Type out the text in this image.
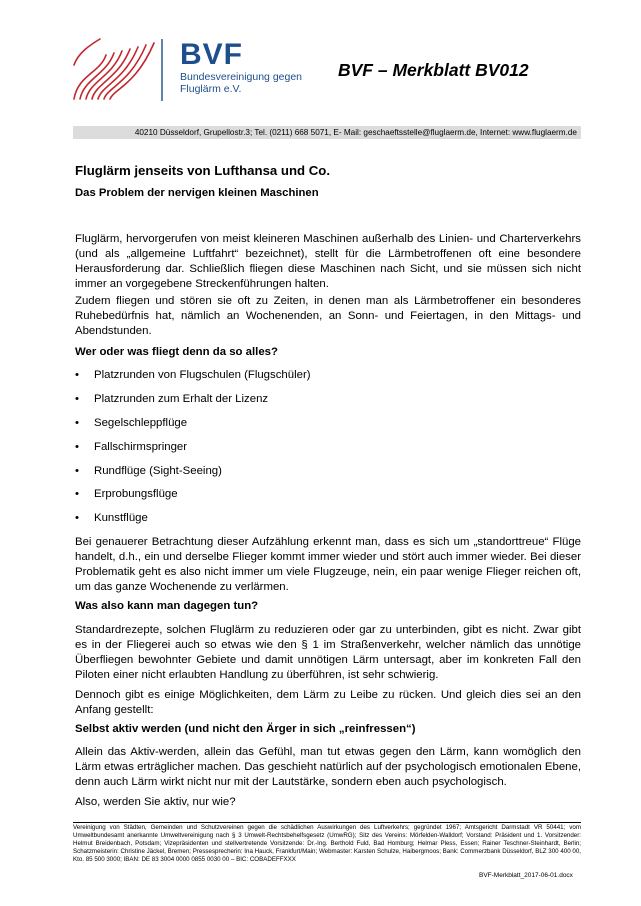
BVF
Bundesvereinigung gegen
Fluglärm e.V.
BVF – Merkblatt BV012
40210 Düsseldorf, Grupellostr.3; Tel. (0211) 668 5071, E- Mail: geschaeftsstelle@fluglaerm.de, Internet: www.fluglaerm.de
Fluglärm jenseits von Lufthansa und Co.
Das Problem der nervigen kleinen Maschinen

Fluglärm, hervorgerufen von meist kleineren Maschinen außerhalb des Linien- und Charterverkehrs (und als „allgemeine Luftfahrt“ bezeichnet), stellt für die Lärmbetroffenen oft eine besondere Herausforderung dar. Schließlich fliegen diese Maschinen nach Sicht, und sie müssen sich nicht immer an vorgegebene Streckenführungen halten.

Zudem fliegen und stören sie oft zu Zeiten, in denen man als Lärmbetroffener ein besonderes Ruhebedürfnis hat, nämlich an Wochenenden, an Sonn- und Feiertagen, in den Mittags- und Abendstunden.

Wer oder was fliegt denn da so alles?
• Platzrunden von Flugschulen (Flugschüler)
• Platzrunden zum Erhalt der Lizenz
• Segelschleppflüge
• Fallschirmspringer
• Rundflüge (Sight-Seeing)
• Erprobungsflüge
• Kunstflüge

Bei genauerer Betrachtung dieser Aufzählung erkennt man, dass es sich um „standorttreue“ Flüge handelt, d.h., ein und derselbe Flieger kommt immer wieder und stört auch immer wieder. Bei dieser Problematik geht es also nicht immer um viele Flugzeuge, nein, ein paar wenige Flieger reichen oft, um das ganze Wochenende zu verlärmen.

Was also kann man dagegen tun?

Standardrezepte, solchen Fluglärm zu reduzieren oder gar zu unterbinden, gibt es nicht. Zwar gibt es in der Fliegerei auch so etwas wie den § 1 im Straßenverkehr, welcher nämlich das unnötige Überfliegen bewohnter Gebiete und damit unnötigen Lärm untersagt, aber im konkreten Fall den Piloten einer nicht erlaubten Handlung zu überführen, ist sehr schwierig.

Dennoch gibt es einige Möglichkeiten, dem Lärm zu Leibe zu rücken. Und gleich dies sei an den Anfang gestellt:

Selbst aktiv werden (und nicht den Ärger in sich „reinfressen“)

Allein das Aktiv-werden, allein das Gefühl, man tut etwas gegen den Lärm, kann womöglich den Lärm etwas erträglicher machen. Das geschieht natürlich auf der psychologisch emotionalen Ebene, denn auch Lärm wirkt nicht nur mit der Lautstärke, sondern eben auch psychologisch.

Also, werden Sie aktiv, nur wie?

Vereinigung von Städten, Gemeinden und Schutzvereinen gegen die schädlichen Auswirkungen des Luftverkehrs; gegründet 1967; Amtsgericht Darmstadt VR 50441; vom Umweltbundesamt anerkannte Umweltvereinigung nach § 3 Umwelt-Rechtsbehelfsgesetz (UmwRG); Sitz des Vereins: Mörfelden-Walldorf; Vorstand: Präsident und 1. Vorsitzender: Helmut Breidenbach, Potsdam; Vizepräsidenten und stellvertretende Vorsitzende: Dr.-Ing. Berthold Fuld, Bad Homburg; Helmar Pless, Essen; Rainer Teschner-Steinhardt, Berlin; Schatzmeisterin: Christine Jäckel, Bremen; Pressesprecherin: Ina Hauck, Frankfurt/Main; Webmaster: Karsten Schulze, Haibergmoos; Bank: Commerzbank Düsseldorf, BLZ 300 400 00, Kto. 85 500 3000; IBAN: DE 83 3004 0000 0855 0030 00 – BIC: COBADEFFXXX

BVF-Merkblatt_2017-06-01.docx
